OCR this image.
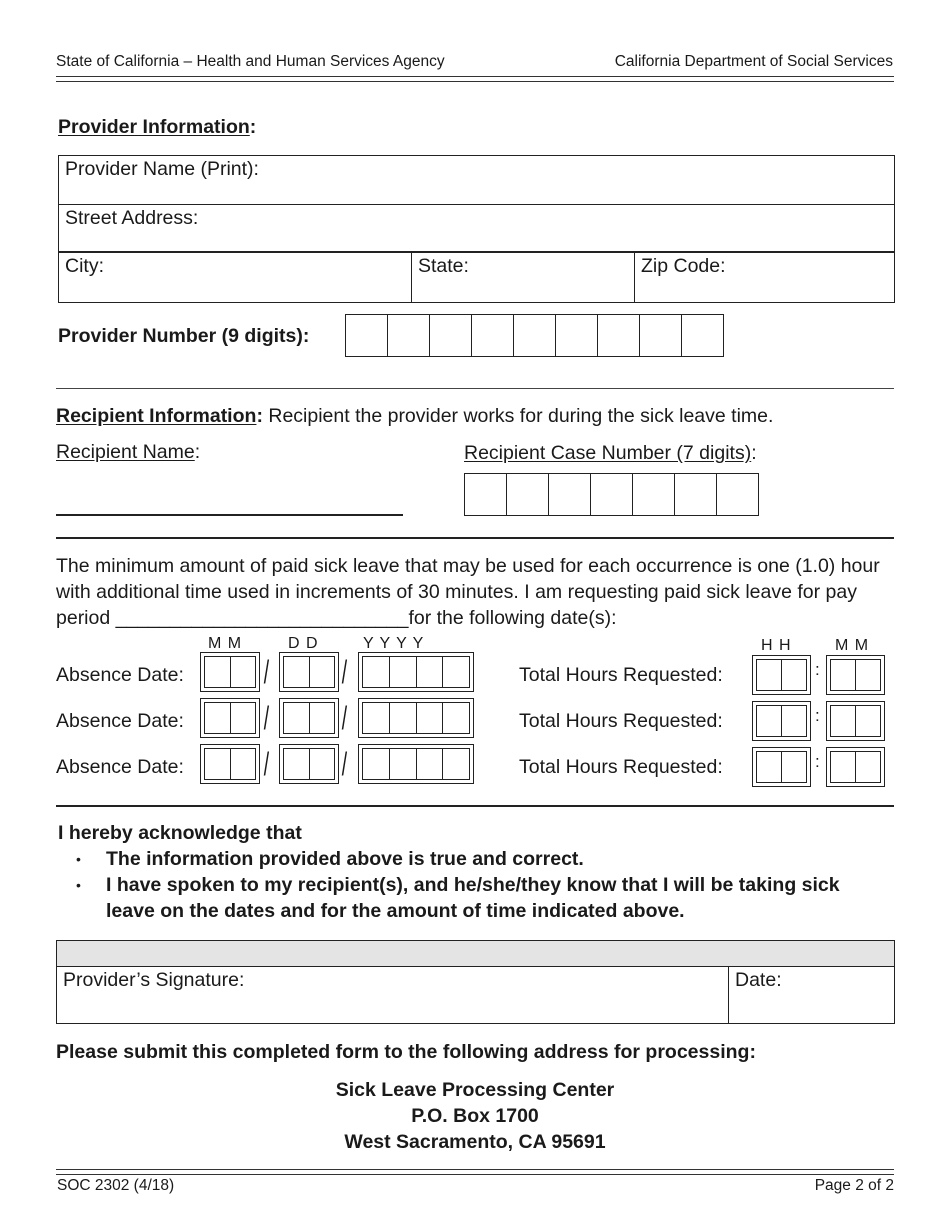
State of California – Health and Human Services Agency	California Department of Social Services
Provider Information:
Provider Name (Print):
Street Address:
City:	State:	Zip Code:
Provider Number (9 digits):
Recipient Information: Recipient the provider works for during the sick leave time.
Recipient Name:	Recipient Case Number (7 digits):
The minimum amount of paid sick leave that may be used for each occurrence is one (1.0) hour with additional time used in increments of 30 minutes. I am requesting paid sick leave for pay period ___________________________for the following date(s):
M M	D D	Y Y Y Y	H H	M M
Absence Date: / /	Total Hours Requested:	:
Absence Date: / /	Total Hours Requested:	:
Absence Date: / /	Total Hours Requested:	:
I hereby acknowledge that
• The information provided above is true and correct.
• I have spoken to my recipient(s), and he/she/they know that I will be taking sick leave on the dates and for the amount of time indicated above.
Provider’s Signature:	Date:
Please submit this completed form to the following address for processing:
Sick Leave Processing Center
P.O. Box 1700
West Sacramento, CA 95691
SOC 2302 (4/18)	Page 2 of 2
